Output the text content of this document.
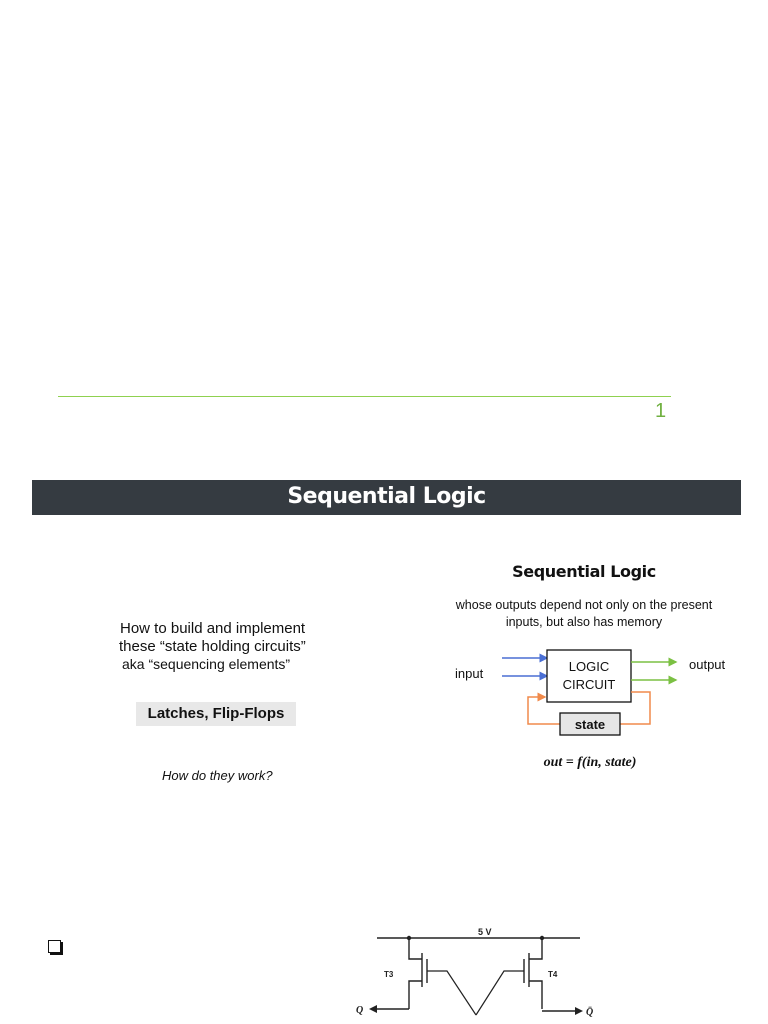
1
Sequential Logic
How to build and implement
these “state holding circuits”
aka “sequencing elements”
Latches, Flip-Flops
How do they work?
Sequential Logic
whose outputs depend not only on the present
inputs, but also has memory
input	LOGIC
CIRCUIT
output
state
out = f(in, state)
5 V
T3	T4
Q	Q̄
